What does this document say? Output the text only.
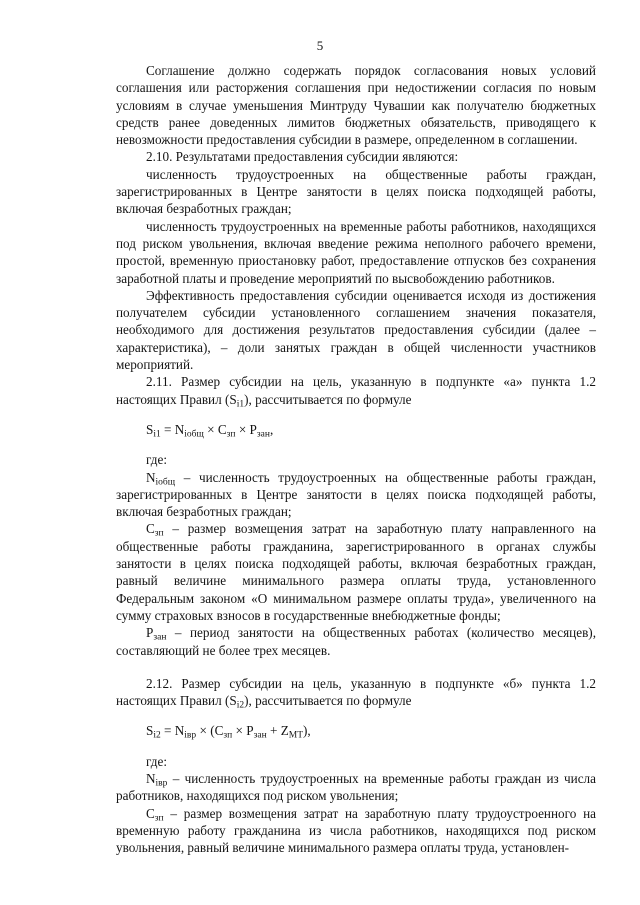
5

Соглашение должно содержать порядок согласования новых условий соглашения или расторжения соглашения при недостижении согласия по новым условиям в случае уменьшения Минтруду Чувашии как получателю бюджетных средств ранее доведенных лимитов бюджетных обязательств, приводящего к невозможности предоставления субсидии в размере, определенном в соглашении.

2.10. Результатами предоставления субсидии являются:

численность трудоустроенных на общественные работы граждан, зарегистрированных в Центре занятости в целях поиска подходящей работы, включая безработных граждан;

численность трудоустроенных на временные работы работников, находящихся под риском увольнения, включая введение режима неполного рабочего времени, простой, временную приостановку работ, предоставление отпусков без сохранения заработной платы и проведение мероприятий по высвобождению работников.

Эффективность предоставления субсидии оценивается исходя из достижения получателем субсидии установленного соглашением значения показателя, необходимого для достижения результатов предоставления субсидии (далее – характеристика), – доли занятых граждан в общей численности участников мероприятий.

2.11. Размер субсидии на цель, указанную в подпункте «а» пункта 1.2 настоящих Правил $(S_{i1})$, рассчитывается по формуле

$S_{i1} = N_{iобщ} \times C_{зп} \times P_{зан}$,

где:

$N_{iобщ}$ – численность трудоустроенных на общественные работы граждан, зарегистрированных в Центре занятости в целях поиска подходящей работы, включая безработных граждан;

$C_{зп}$ – размер возмещения затрат на заработную плату направленного на общественные работы гражданина, зарегистрированного в органах службы занятости в целях поиска подходящей работы, включая безработных граждан, равный величине минимального размера оплаты труда, установленного Федеральным законом «О минимальном размере оплаты труда», увеличенного на сумму страховых взносов в государственные внебюджетные фонды;

$P_{зан}$ – период занятости на общественных работах (количество месяцев), составляющий не более трех месяцев.

2.12. Размер субсидии на цель, указанную в подпункте «б» пункта 1.2 настоящих Правил $(S_{i2})$, рассчитывается по формуле

$S_{i2} = N_{iвр} \times (C_{зп} \times P_{зан} + Z_{МТ})$,

где:

$N_{iвр}$ – численность трудоустроенных на временные работы граждан из числа работников, находящихся под риском увольнения;

$C_{зп}$ – размер возмещения затрат на заработную плату трудоустроенного на временную работу гражданина из числа работников, находящихся под риском увольнения, равный величине минимального размера оплаты труда, установлен-
